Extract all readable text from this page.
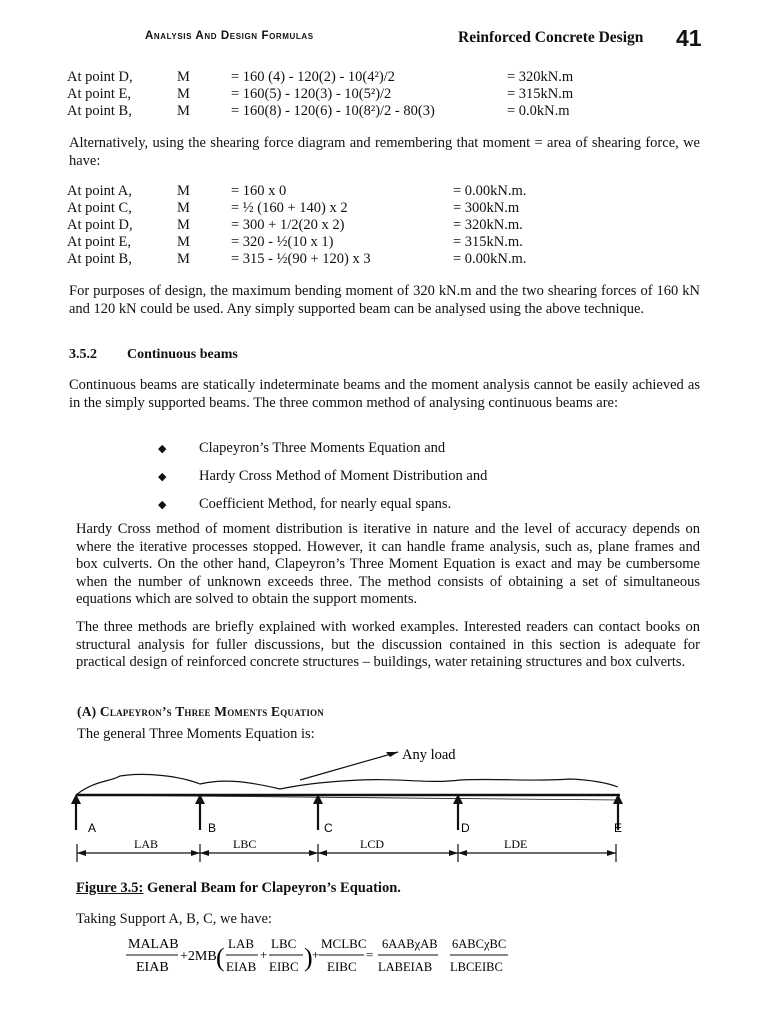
Analysis And Design Formulas	Reinforced Concrete Design 41
At point D,	M	= 160 (4) - 120(2) - 10(4²)/2	= 320kN.m
At point E,	M	= 160(5) - 120(3) - 10(5²)/2	= 315kN.m
At point B,	M	= 160(8) - 120(6) - 10(8²)/2 - 80(3)	= 0.0kN.m
Alternatively, using the shearing force diagram and remembering that moment = area of shearing force, we have:
At point A,	M	= 160 x 0	= 0.00kN.m.
At point C,	M	= ½ (160 + 140) x 2	= 300kN.m
At point D,	M	= 300 + 1/2(20 x 2)	= 320kN.m.
At point E,	M	= 320 - ½(10 x 1)	= 315kN.m.
At point B,	M	= 315 - ½(90 + 120) x 3	= 0.00kN.m.
For purposes of design, the maximum bending moment of 320 kN.m and the two shearing forces of 160 kN and 120 kN could be used. Any simply supported beam can be analysed using the above technique.
3.5.2 Continuous beams
Continuous beams are statically indeterminate beams and the moment analysis cannot be easily achieved as in the simply supported beams. The three common method of analysing continuous beams are:
◆ Clapeyron’s Three Moments Equation and
◆ Hardy Cross Method of Moment Distribution and
◆ Coefficient Method, for nearly equal spans.
Hardy Cross method of moment distribution is iterative in nature and the level of accuracy depends on where the iterative processes stopped. However, it can handle frame analysis, such as, plane frames and box culverts. On the other hand, Clapeyron’s Three Moment Equation is exact and may be cumbersome when the number of unknown exceeds three. The method consists of obtaining a set of simultaneous equations which are solved to obtain the support moments.
The three methods are briefly explained with worked examples. Interested readers can contact books on structural analysis for fuller discussions, but the discussion contained in this section is adequate for practical design of reinforced concrete structures – buildings, water retaining structures and box culverts.
(A) Clapeyron’s Three Moments Equation
The general Three Moments Equation is:
Any load
A	B	C	D	E
LAB	LBC	LCD	LDE
Figure 3.5: General Beam for Clapeyron’s Equation.
Taking Support A, B, C, we have:
MALAB
EIAB
+2MB ( LAB
EIAB
+
LBC
EIBC ) +
MCLBC
EIBC
=
6AABχAB
LABEIAB
6ABCχBC
LBCEIBC
